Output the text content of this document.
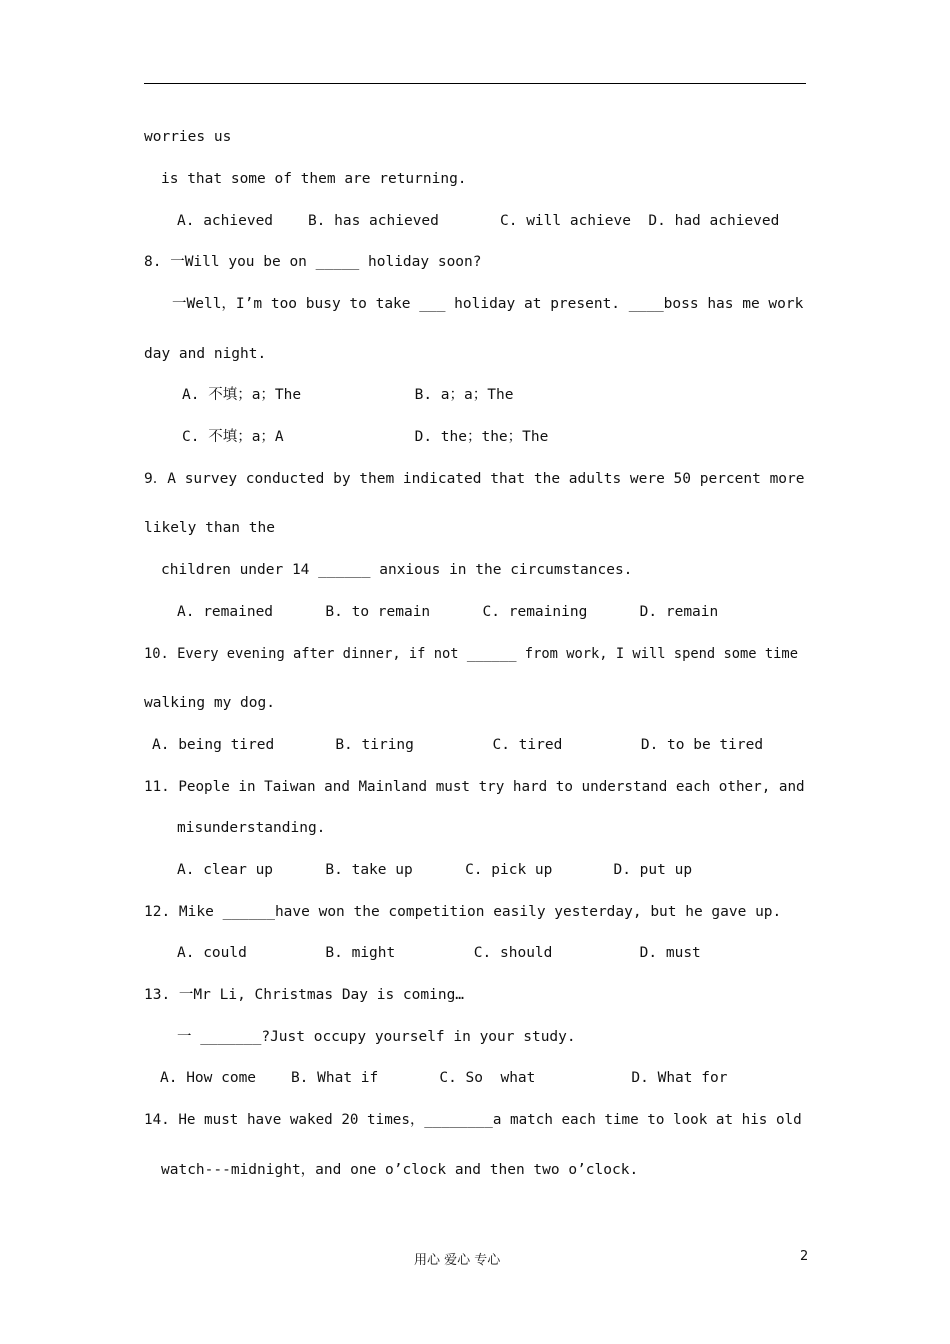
worries us
is that some of them are returning.
A. achieved    B. has achieved       C. will achieve  D. had achieved
8. 一Will you be on _____ holiday soon?
一Well，I’m too busy to take ___ holiday at present. ____boss has me work
day and night.
A. 不填；a；The             B. a；a；The
C. 不填；a；A               D. the；the；The
9．A survey conducted by them indicated that the adults were 50 percent more
likely than the
children under 14 ______ anxious in the circumstances.
A. remained      B. to remain      C. remaining      D. remain
10. Every evening after dinner, if not ______ from work, I will spend some time
walking my dog.
A. being tired       B. tiring         C. tired         D. to be tired
11. People in Taiwan and Mainland must try hard to understand each other, and
misunderstanding.
A. clear up      B. take up      C. pick up       D. put up
12. Mike ______have won the competition easily yesterday, but he gave up.
A. could         B. might         C. should          D. must
13. 一Mr Li, Christmas Day is coming…
一 _______?Just occupy yourself in your study.
A. How come    B. What if       C. So  what           D. What for
14. He must have waked 20 times，________a match each time to look at his old
watch---midnight，and one o’clock and then two o’clock.
用心 爱心 专心	2
